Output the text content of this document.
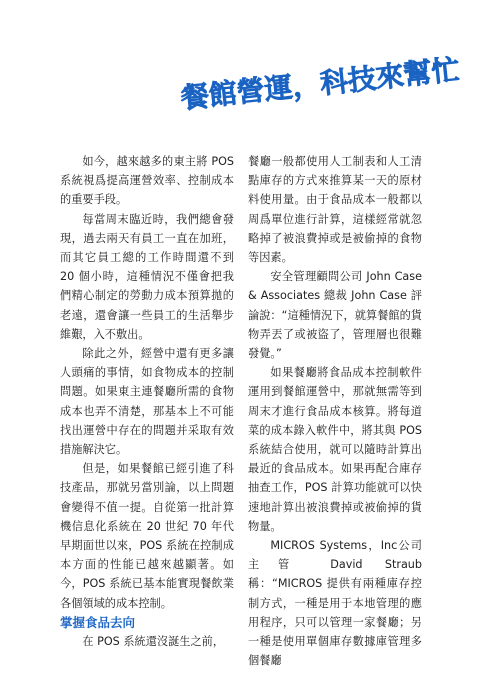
餐館營運，科技來幫忙

如今，越來越多的東主將 POS 系統視爲提高運營效率、控制成本的重要手段。

每當周末臨近時，我們總會發現，過去兩天有員工一直在加班，而其它員工總的工作時間還不到 20 個小時，這種情況不僅會把我們精心制定的勞動力成本預算拋的老遠，還會讓一些員工的生活舉步維艱，入不敷出。

除此之外，經營中還有更多讓人頭痛的事情，如食物成本的控制問題。如果東主連餐廳所需的食物成本也弄不清楚，那基本上不可能找出運營中存在的問題并采取有效措施解決它。

但是，如果餐館已經引進了科技產品，那就另當別論，以上問題會變得不值一提。自從第一批計算機信息化系統在 20 世紀 70 年代早期面世以來，POS 系統在控制成本方面的性能已越來越顯著。如今，POS 系統已基本能實現餐飲業各個領域的成本控制。

掌握食品去向

在 POS 系統還沒誕生之前，

餐廳一般都使用人工制表和人工清點庫存的方式來推算某一天的原材料使用量。由于食品成本一般都以周爲單位進行計算，這樣經常就忽略掉了被浪費掉或是被偷掉的食物等因素。

安全管理顧問公司 John Case & Associates 總裁 John Case 評論說：“這種情況下，就算餐館的貨物弄丟了或被盜了，管理層也很難發覺。”

如果餐廳將食品成本控制軟件運用到餐館運營中，那就無需等到周末才進行食品成本核算。將每道菜的成本錄入軟件中，將其與 POS 系統結合使用，就可以隨時計算出最近的食品成本。如果再配合庫存抽查工作，POS 計算功能就可以快速地計算出被浪費掉或被偷掉的貨物量。

MICROS Systems，Inc公司主管 David Straub 稱：“MICROS 提供有兩種庫存控制方式，一種是用于本地管理的應用程序，只可以管理一家餐廳；另一種是使用單個庫存數據庫管理多個餐廳
